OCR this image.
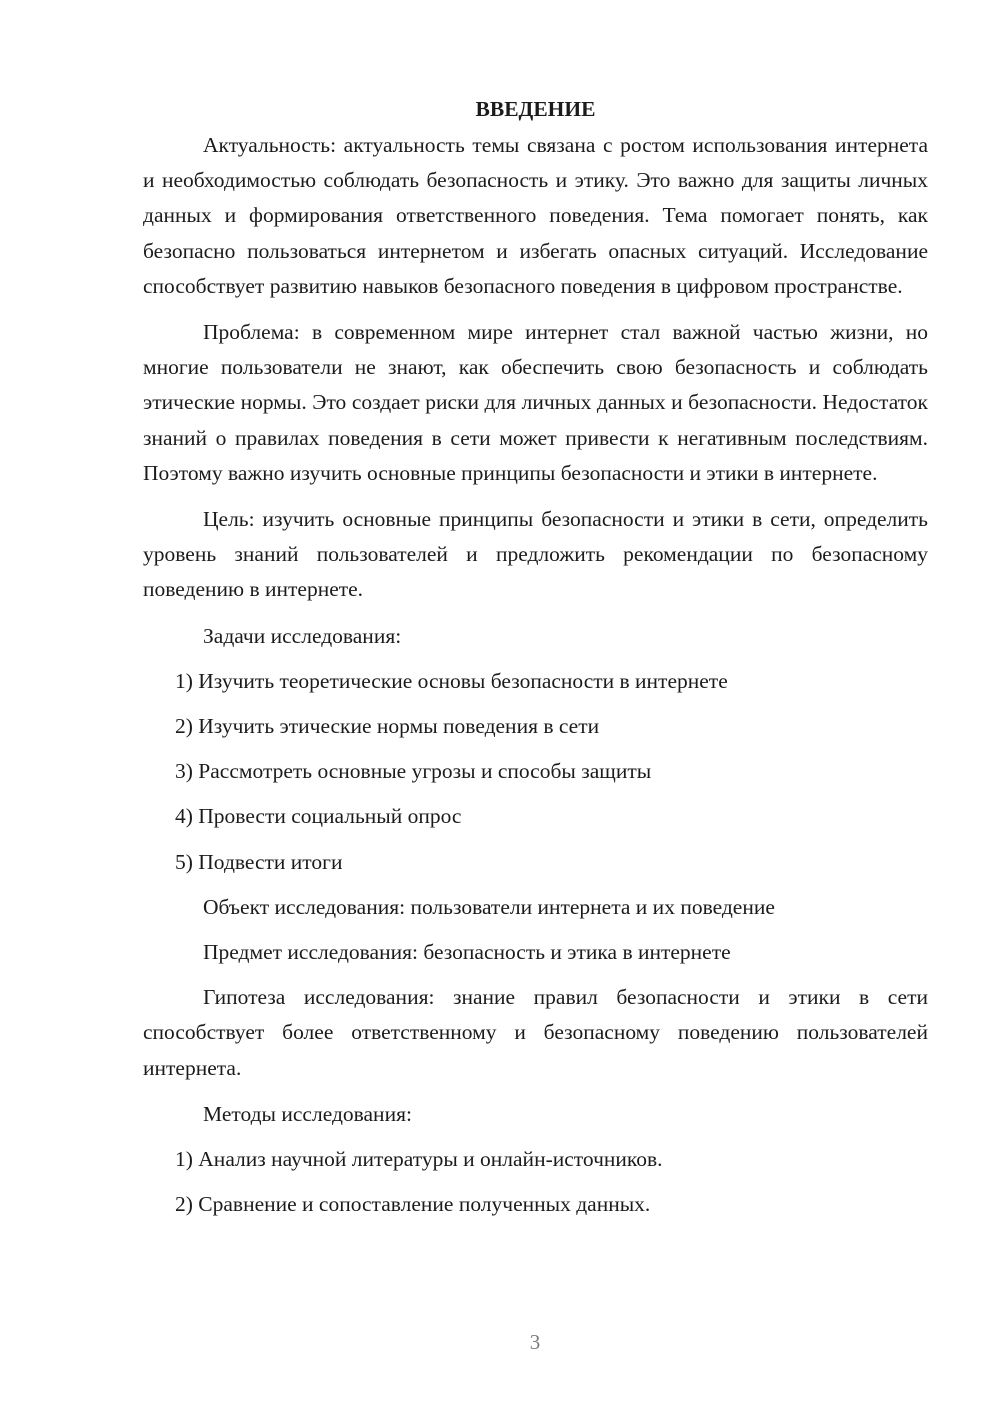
ВВЕДЕНИЕ

Актуальность: актуальность темы связана с ростом использования интернета и необходимостью соблюдать безопасность и этику. Это важно для защиты личных данных и формирования ответственного поведения. Тема помогает понять, как безопасно пользоваться интернетом и избегать опасных ситуаций. Исследование способствует развитию навыков безопасного поведения в цифровом пространстве.

Проблема: в современном мире интернет стал важной частью жизни, но многие пользователи не знают, как обеспечить свою безопасность и соблюдать этические нормы. Это создает риски для личных данных и безопасности. Недостаток знаний о правилах поведения в сети может привести к негативным последствиям. Поэтому важно изучить основные принципы безопасности и этики в интернете.

Цель: изучить основные принципы безопасности и этики в сети, определить уровень знаний пользователей и предложить рекомендации по безопасному поведению в интернете.

Задачи исследования:
1) Изучить теоретические основы безопасности в интернете
2) Изучить этические нормы поведения в сети
3) Рассмотреть основные угрозы и способы защиты
4) Провести социальный опрос
5) Подвести итоги
Объект исследования: пользователи интернета и их поведение
Предмет исследования: безопасность и этика в интернете

Гипотеза исследования: знание правил безопасности и этики в сети способствует более ответственному и безопасному поведению пользователей интернета.

Методы исследования:
1) Анализ научной литературы и онлайн-источников.
2) Сравнение и сопоставление полученных данных.
3
